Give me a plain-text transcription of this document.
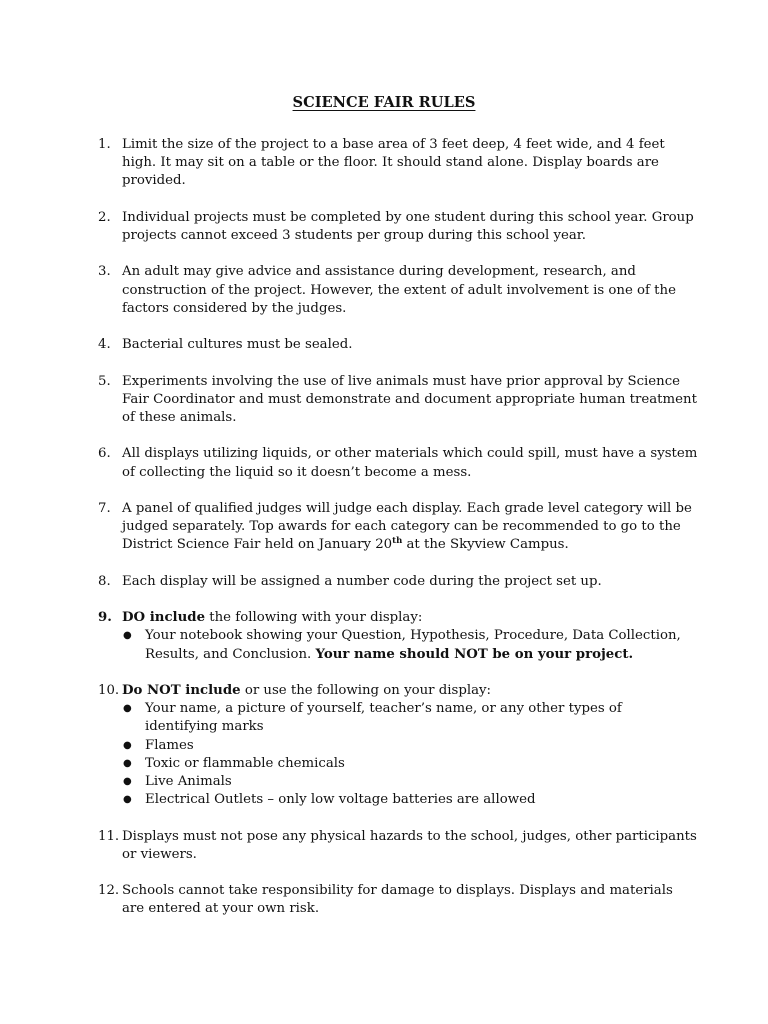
SCIENCE FAIR RULES
1. Limit the size of the project to a base area of 3 feet deep, 4 feet wide, and 4 feet high. It may sit on a table or the floor. It should stand alone. Display boards are provided.
2. Individual projects must be completed by one student during this school year. Group projects cannot exceed 3 students per group during this school year.
3. An adult may give advice and assistance during development, research, and construction of the project. However, the extent of adult involvement is one of the factors considered by the judges.
4. Bacterial cultures must be sealed.
5. Experiments involving the use of live animals must have prior approval by Science Fair Coordinator and must demonstrate and document appropriate human treatment of these animals.
6. All displays utilizing liquids, or other materials which could spill, must have a system of collecting the liquid so it doesn’t become a mess.
7. A panel of qualified judges will judge each display. Each grade level category will be judged separately. Top awards for each category can be recommended to go to the District Science Fair held on January 20th at the Skyview Campus.
8. Each display will be assigned a number code during the project set up.
9. DO include the following with your display:
● Your notebook showing your Question, Hypothesis, Procedure, Data Collection, Results, and Conclusion. Your name should NOT be on your project.
10. Do NOT include or use the following on your display:
● Your name, a picture of yourself, teacher’s name, or any other types of identifying marks
● Flames
● Toxic or flammable chemicals
● Live Animals
● Electrical Outlets – only low voltage batteries are allowed
11. Displays must not pose any physical hazards to the school, judges, other participants or viewers.
12. Schools cannot take responsibility for damage to displays. Displays and materials are entered at your own risk.
